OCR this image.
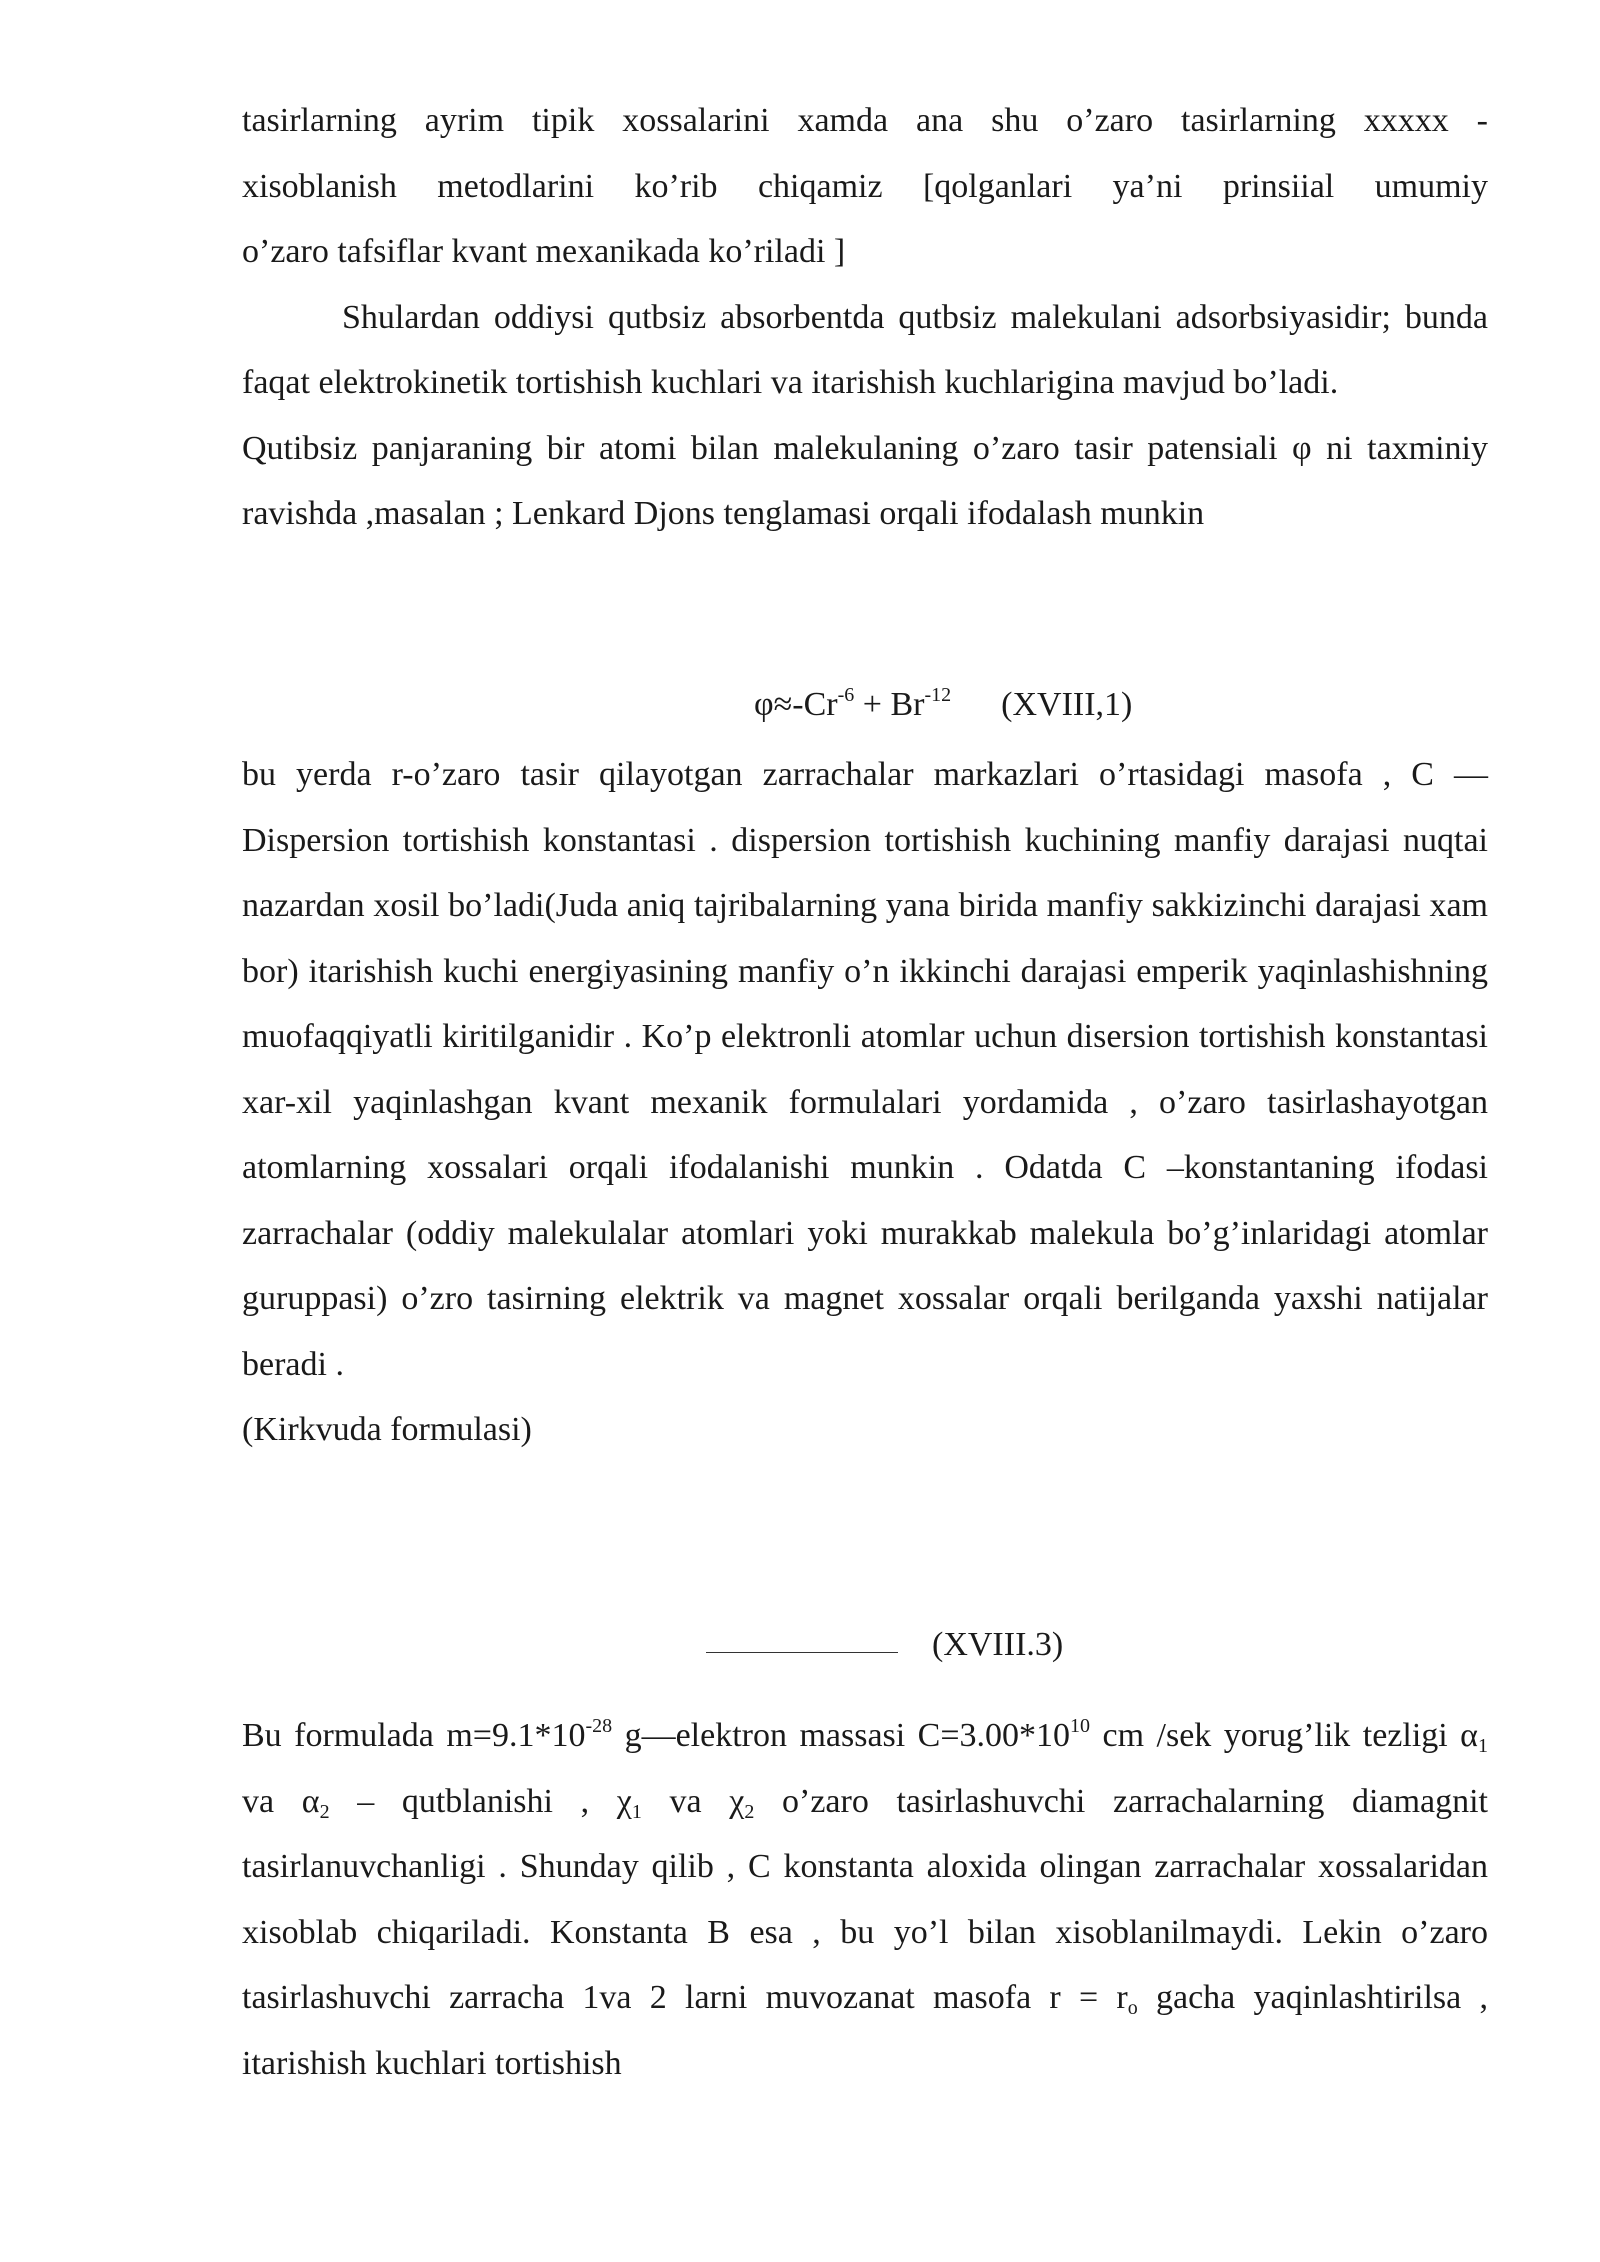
tasirlarning ayrim tipik xossalarini xamda ana shu o’zaro tasirlarning xxxxx -

xisoblanish metodlarini ko’rib chiqamiz [qolganlari ya’ni prinsiial umumiy

o’zaro tafsiflar kvant mexanikada ko’riladi ]

Shulardan oddiysi qutbsiz absorbentda qutbsiz malekulani adsorbsiyasidir; bunda faqat elektrokinetik tortishish kuchlari va itarishish kuchlarigina mavjud bo’ladi.

Qutibsiz panjaraning bir atomi bilan malekulaning o’zaro tasir patensiali φ ni taxminiy ravishda ,masalan ; Lenkard Djons tenglamasi orqali ifodalash munkin

$\varphi\approx-Cr^{-6} + Br^{-12}$ (XVIII,1)

bu yerda r-o’zaro tasir qilayotgan zarrachalar markazlari o’rtasidagi masofa , C —Dispersion tortishish konstantasi . dispersion tortishish kuchining manfiy darajasi nuqtai nazardan xosil bo’ladi(Juda aniq tajribalarning yana birida manfiy sakkizinchi darajasi xam bor) itarishish kuchi energiyasining manfiy o’n ikkinchi darajasi emperik yaqinlashishning muofaqqiyatli kiritilganidir . Ko’p elektronli atomlar uchun disersion tortishish konstantasi xar-xil yaqinlashgan kvant mexanik formulalari yordamida , o’zaro tasirlashayotgan atomlarning xossalari orqali ifodalanishi munkin . Odatda C –konstantaning ifodasi zarrachalar (oddiy malekulalar atomlari yoki murakkab malekula bo’g’inlaridagi atomlar guruppasi) o’zro tasirning elektrik va magnet xossalar orqali berilganda yaxshi natijalar beradi .

(Kirkvuda formulasi)

(XVIII.3)

Bu formulada $m=9.1*10^{-28}$ g—elektron massasi $C=3.00*10^{10}$ cm /sek yorug’lik tezligi $\alpha_1$ va $\alpha_2$ – qutblanishi , $\chi_1$ va $\chi_2$ o’zaro tasirlashuvchi zarrachalarning diamagnit tasirlanuvchanligi . Shunday qilib , C konstanta aloxida olingan zarrachalar xossalaridan xisoblab chiqariladi. Konstanta B esa , bu yo’l bilan xisoblanilmaydi. Lekin o’zaro tasirlashuvchi zarracha 1va 2 larni muvozanat masofa $r = r_o$ gacha yaqinlashtirilsa , itarishish kuchlari tortishish
